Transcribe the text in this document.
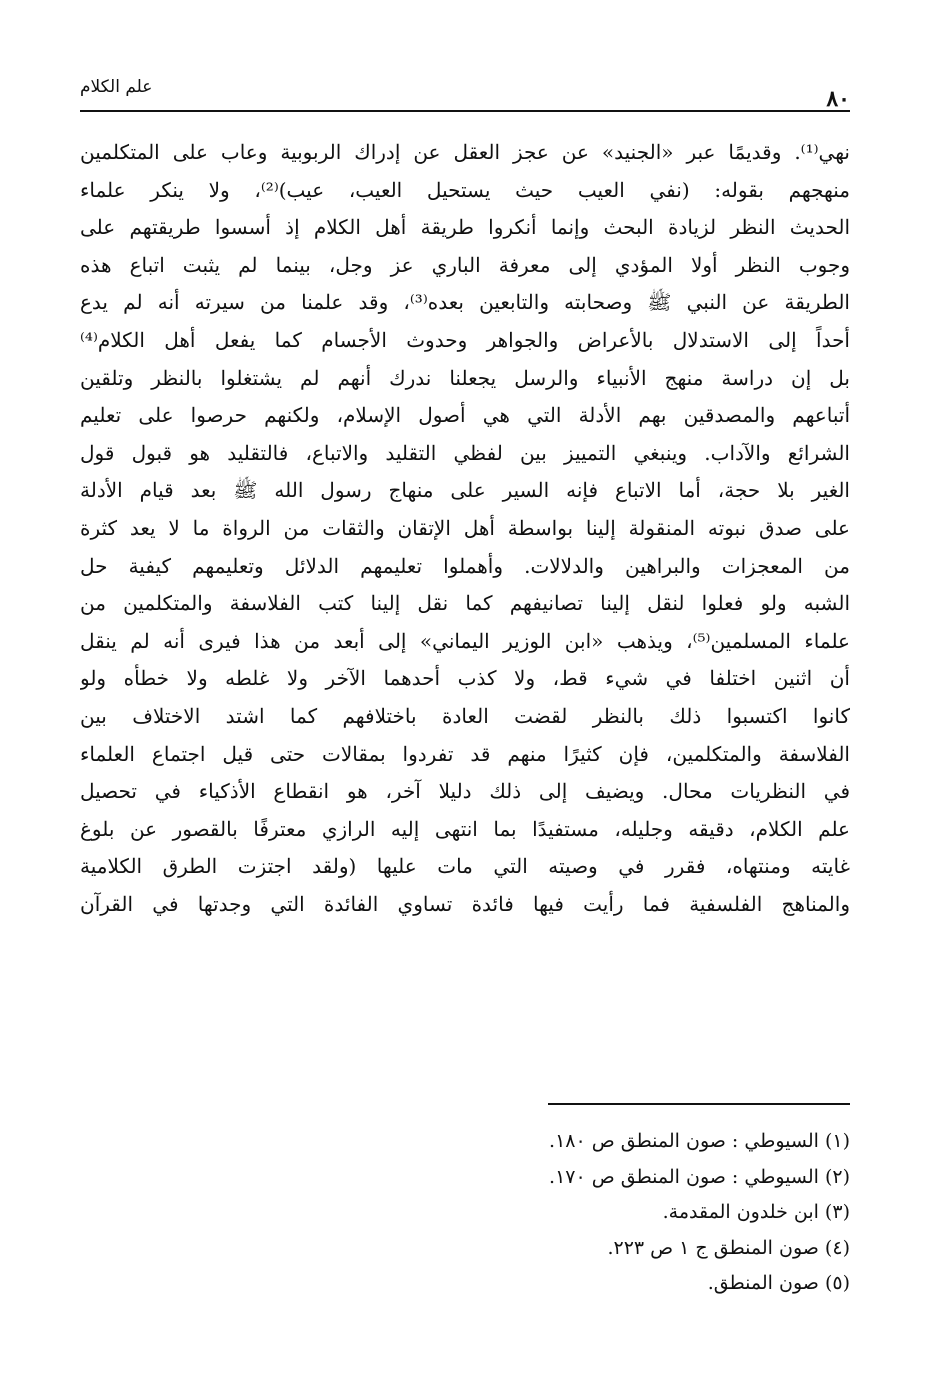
علم الكلام	٨٠
نهي⁽¹⁾. وقديمًا عبر «الجنيد» عن عجز العقل عن إدراك الربوبية وعاب على المتكلمين
منهجهم بقوله: (نفي العيب حيث يستحيل العيب، عيب)⁽²⁾، ولا ينكر علماء
الحديث النظر لزيادة البحث وإنما أنكروا طريقة أهل الكلام إذ أسسوا طريقتهم على
وجوب النظر أولا المؤدي إلى معرفة الباري عز وجل، بينما لم يثبت اتباع هذه
الطريقة عن النبي ﷺ وصحابته والتابعين بعده⁽³⁾، وقد علمنا من سيرته أنه لم يدع
أحداً إلى الاستدلال بالأعراض والجواهر وحدوث الأجسام كما يفعل أهل الكلام⁽⁴⁾
بل إن دراسة منهج الأنبياء والرسل يجعلنا ندرك أنهم لم يشتغلوا بالنظر وتلقين
أتباعهم والمصدقين بهم الأدلة التي هي أصول الإسلام، ولكنهم حرصوا على تعليم
الشرائع والآداب. وينبغي التمييز بين لفظي التقليد والاتباع، فالتقليد هو قبول قول
الغير بلا حجة، أما الاتباع فإنه السير على منهاج رسول الله ﷺ بعد قيام الأدلة
على صدق نبوته المنقولة إلينا بواسطة أهل الإتقان والثقات من الرواة ما لا يعد كثرة
من المعجزات والبراهين والدلالات. وأهملوا تعليمهم الدلائل وتعليمهم كيفية حل
الشبه ولو فعلوا لنقل إلينا تصانيفهم كما نقل إلينا كتب الفلاسفة والمتكلمين من
علماء المسلمين⁽⁵⁾، ويذهب «ابن الوزير اليماني» إلى أبعد من هذا فيرى أنه لم ينقل
أن اثنين اختلفا في شيء قط، ولا كذب أحدهما الآخر ولا غلطه ولا خطأه ولو
كانوا اكتسبوا ذلك بالنظر لقضت العادة باختلافهم كما اشتد الاختلاف بين
الفلاسفة والمتكلمين، فإن كثيرًا منهم قد تفردوا بمقالات حتى قيل اجتماع العلماء
في النظريات محال. ويضيف إلى ذلك دليلا آخر، هو انقطاع الأذكياء في تحصيل
علم الكلام، دقيقه وجليله، مستفيدًا بما انتهى إليه الرازي معترفًا بالقصور عن بلوغ
غايته ومنتهاه، فقرر في وصيته التي مات عليها (ولقد اجتزت الطرق الكلامية
والمناهج الفلسفية فما رأيت فيها فائدة تساوي الفائدة التي وجدتها في القرآن
(١) السيوطي : صون المنطق ص ١٨٠.
(٢) السيوطي : صون المنطق ص ١٧٠.
(٣) ابن خلدون المقدمة.
(٤) صون المنطق ج ١ ص ٢٢٣.
(٥) صون المنطق.
